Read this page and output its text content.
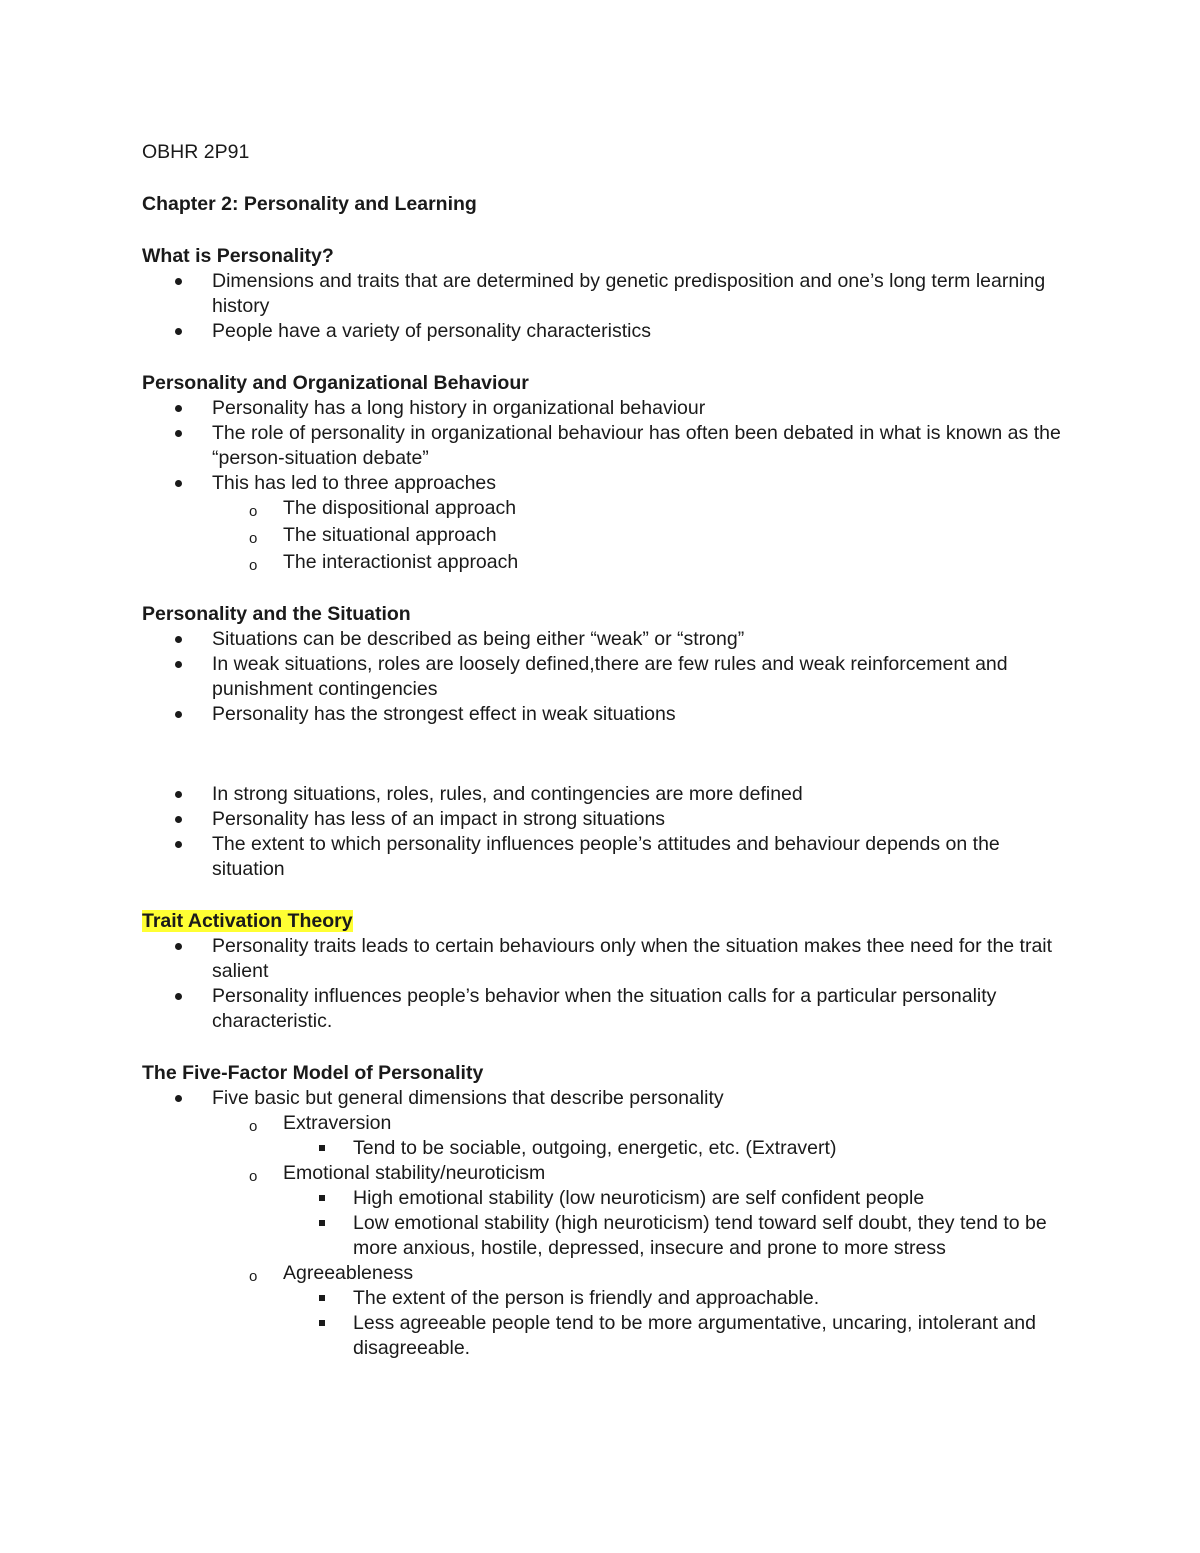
OBHR 2P91
Chapter 2: Personality and Learning
What is Personality?
Dimensions and traits that are determined by genetic predisposition and one’s long term learning history
People have a variety of personality characteristics
Personality and Organizational Behaviour
Personality has a long history in organizational behaviour
The role of personality in organizational behaviour has often been debated in what is known as the “person-situation debate”
This has led to three approaches
o The dispositional approach
o The situational approach
o The interactionist approach
Personality and the Situation
Situations can be described as being either “weak” or “strong”
In weak situations, roles are loosely defined,there are few rules and weak reinforcement and punishment contingencies
Personality has the strongest effect in weak situations
In strong situations, roles, rules, and contingencies are more defined
Personality has less of an impact in strong situations
The extent to which personality influences people’s attitudes and behaviour depends on the situation
Trait Activation Theory
Personality traits leads to certain behaviours only when the situation makes thee need for the trait salient
Personality influences people’s behavior when the situation calls for a particular personality characteristic.
The Five-Factor Model of Personality
Five basic but general dimensions that describe personality
o Extraversion
Tend to be sociable, outgoing, energetic, etc. (Extravert)
o Emotional stability/neuroticism
High emotional stability (low neuroticism) are self confident people
Low emotional stability (high neuroticism) tend toward self doubt, they tend to be more anxious, hostile, depressed, insecure and prone to more stress
o Agreeableness
The extent of the person is friendly and approachable.
Less agreeable people tend to be more argumentative, uncaring, intolerant and disagreeable.
